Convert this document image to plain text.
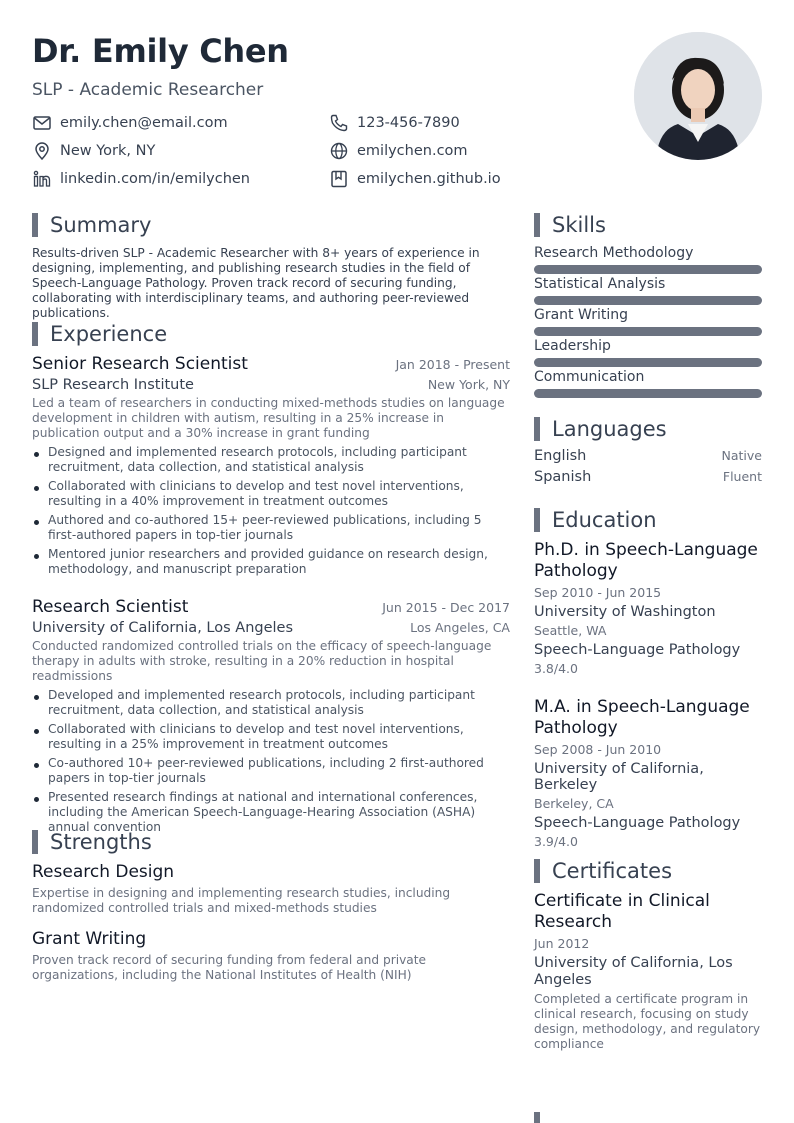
Dr. Emily Chen
SLP - Academic Researcher
emily.chen@email.com	123-456-7890
New York, NY	emilychen.com
linkedin.com/in/emilychen	emilychen.github.io
Summary
Results-driven SLP - Academic Researcher with 8+ years of experience in designing, implementing, and publishing research studies in the field of Speech-Language Pathology. Proven track record of securing funding, collaborating with interdisciplinary teams, and authoring peer-reviewed publications.
Experience
Senior Research Scientist	Jan 2018 - Present
SLP Research Institute	New York, NY
Led a team of researchers in conducting mixed-methods studies on language development in children with autism, resulting in a 25% increase in publication output and a 30% increase in grant funding
Designed and implemented research protocols, including participant recruitment, data collection, and statistical analysis
Collaborated with clinicians to develop and test novel interventions, resulting in a 40% improvement in treatment outcomes
Authored and co-authored 15+ peer-reviewed publications, including 5 first-authored papers in top-tier journals
Mentored junior researchers and provided guidance on research design, methodology, and manuscript preparation
Research Scientist	Jun 2015 - Dec 2017
University of California, Los Angeles	Los Angeles, CA
Conducted randomized controlled trials on the efficacy of speech-language therapy in adults with stroke, resulting in a 20% reduction in hospital readmissions
Developed and implemented research protocols, including participant recruitment, data collection, and statistical analysis
Collaborated with clinicians to develop and test novel interventions, resulting in a 25% improvement in treatment outcomes
Co-authored 10+ peer-reviewed publications, including 2 first-authored papers in top-tier journals
Presented research findings at national and international conferences, including the American Speech-Language-Hearing Association (ASHA) annual convention
Strengths
Research Design
Expertise in designing and implementing research studies, including randomized controlled trials and mixed-methods studies
Grant Writing
Proven track record of securing funding from federal and private organizations, including the National Institutes of Health (NIH)
Skills
Research Methodology
Statistical Analysis
Grant Writing
Leadership
Communication
Languages
English	Native
Spanish	Fluent
Education
Ph.D. in Speech-Language Pathology
Sep 2010 - Jun 2015
University of Washington
Seattle, WA
Speech-Language Pathology
3.8/4.0
M.A. in Speech-Language Pathology
Sep 2008 - Jun 2010
University of California, Berkeley
Berkeley, CA
Speech-Language Pathology
3.9/4.0
Certificates
Certificate in Clinical Research
Jun 2012
University of California, Los Angeles
Completed a certificate program in clinical research, focusing on study design, methodology, and regulatory compliance
